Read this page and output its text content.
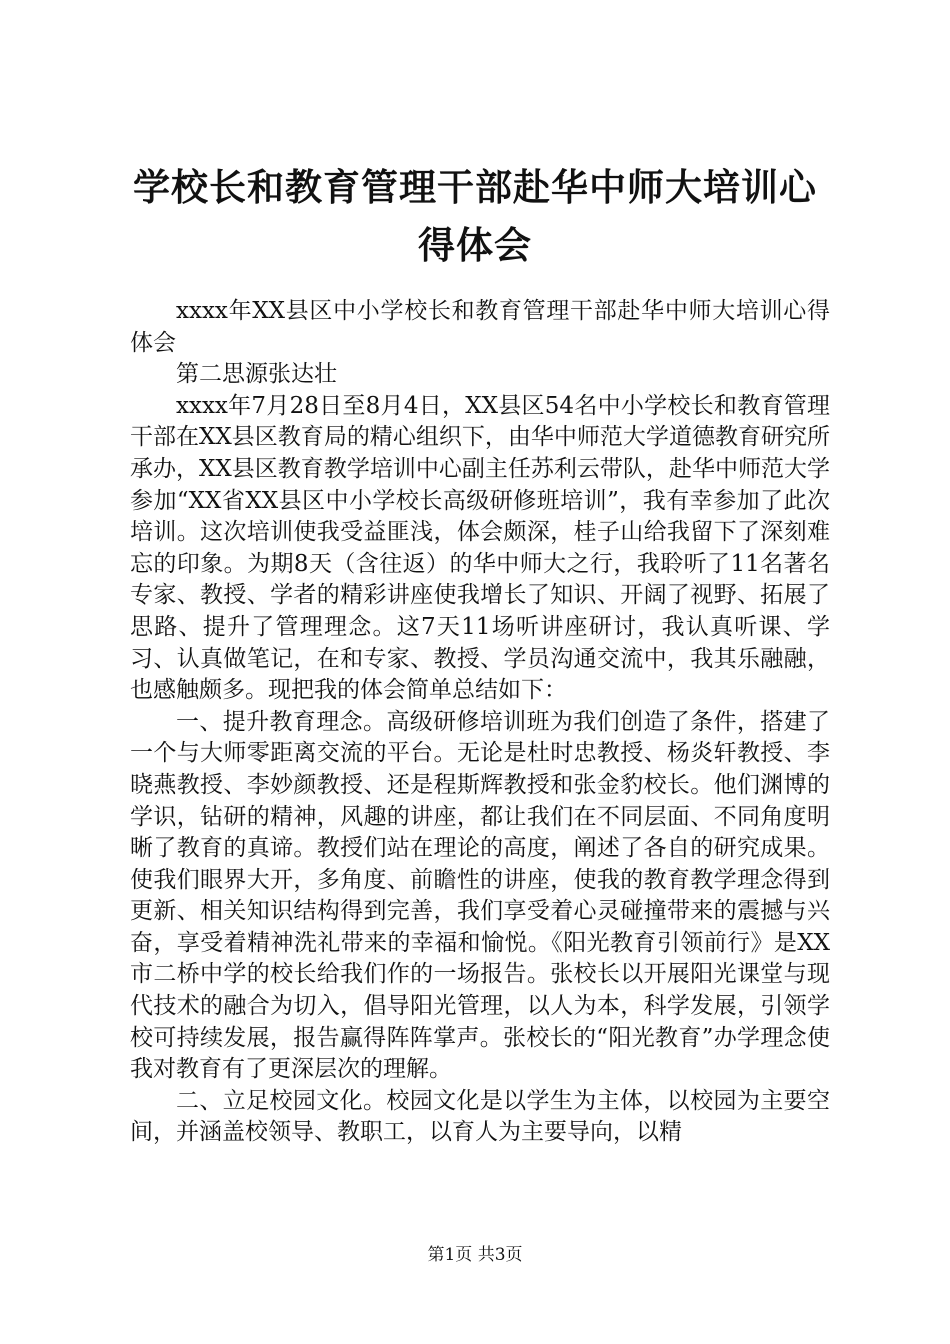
学校长和教育管理干部赴华中师大培训心得体会

xxxx年XX县区中小学校长和教育管理干部赴华中师大培训心得体会

第二思源张达壮

xxxx年7月28日至8月4日，XX县区54名中小学校长和教育管理干部在XX县区教育局的精心组织下，由华中师范大学道德教育研究所承办，XX县区教育教学培训中心副主任苏利云带队，赴华中师范大学参加“XX省XX县区中小学校长高级研修班培训”，我有幸参加了此次培训。这次培训使我受益匪浅，体会颇深，桂子山给我留下了深刻难忘的印象。为期8天（含往返）的华中师大之行，我聆听了11名著名专家、教授、学者的精彩讲座使我增长了知识、开阔了视野、拓展了思路、提升了管理理念。这7天11场听讲座研讨，我认真听课、学习、认真做笔记，在和专家、教授、学员沟通交流中，我其乐融融，也感触颇多。现把我的体会简单总结如下：

一、提升教育理念。高级研修培训班为我们创造了条件，搭建了一个与大师零距离交流的平台。无论是杜时忠教授、杨炎轩教授、李晓燕教授、李妙颜教授、还是程斯辉教授和张金豹校长。他们渊博的学识，钻研的精神，风趣的讲座，都让我们在不同层面、不同角度明晰了教育的真谛。教授们站在理论的高度，阐述了各自的研究成果。使我们眼界大开，多角度、前瞻性的讲座，使我的教育教学理念得到更新、相关知识结构得到完善，我们享受着心灵碰撞带来的震撼与兴奋，享受着精神洗礼带来的幸福和愉悦。《阳光教育引领前行》是XX市二桥中学的校长给我们作的一场报告。张校长以开展阳光课堂与现代技术的融合为切入，倡导阳光管理，以人为本，科学发展，引领学校可持续发展，报告赢得阵阵掌声。张校长的“阳光教育”办学理念使我对教育有了更深层次的理解。

二、立足校园文化。校园文化是以学生为主体，以校园为主要空间，并涵盖校领导、教职工，以育人为主要导向，以精

第1页 共3页
